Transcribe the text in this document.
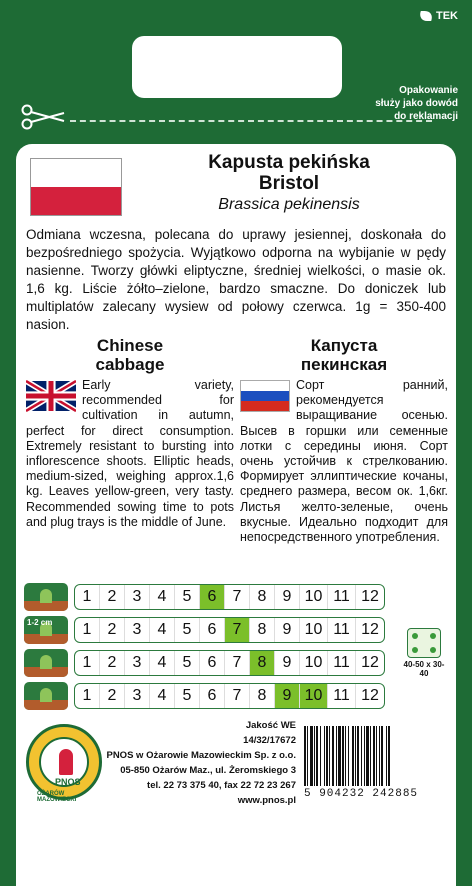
TEK
Opakowanie
służy jako dowód
do reklamacji
Kapusta pekińska
Bristol
Brassica pekinensis
Odmiana wczesna, polecana do uprawy jesiennej, doskonała do bezpośredniego spożycia. Wyjątkowo odporna na wybijanie w pędy nasienne. Tworzy główki eliptyczne, średniej wielkości, o masie ok. 1,6 kg. Liście żółto–zielone, bardzo smaczne. Do doniczek lub multiplatów zalecany wysiew od połowy czerwca. 1g = 350-400 nasion.
Chinese
cabbage
Early variety, recommended for cultivation in autumn, perfect for direct consumption. Extremely resistant to bursting into inflorescence shoots. Elliptic heads, medium-sized, weighing approx.1,6 kg. Leaves yellow-green, very tasty. Recommended sowing time to pots and plug trays is the middle of June.
Капуста
пекинская
Сорт ранний, рекомендуется выращивание осенью. Высев в горшки или семенные лотки с середины июня. Сорт очень устойчив к стрелкованию. Формирует эллиптические кочаны, среднего размера, весом ок. 1,6кг. Листья желто-зеленые, очень вкусные. Идеально подходит для непосредственного употребления.
1	2	3	4	5	6	7	8	9 10 11 12
1-2 cm	1	2	3	4	5	6	7	8	9 10 11 12
1	2	3	4	5	6	7	8	9 10 11 12
1	2	3	4	5	6	7	8	9 10 11 12
40-50 x 30-40
PNOS
OŻARÓW MAZOWIECKI
Jakość WE
14/32/17672
PNOS w Ożarowie Mazowieckim Sp. z o.o.
05-850 Ożarów Maz., ul. Żeromskiego 3
tel. 22 73 375 40, fax 22 72 23 267
www.pnos.pl
5 904232 242885
